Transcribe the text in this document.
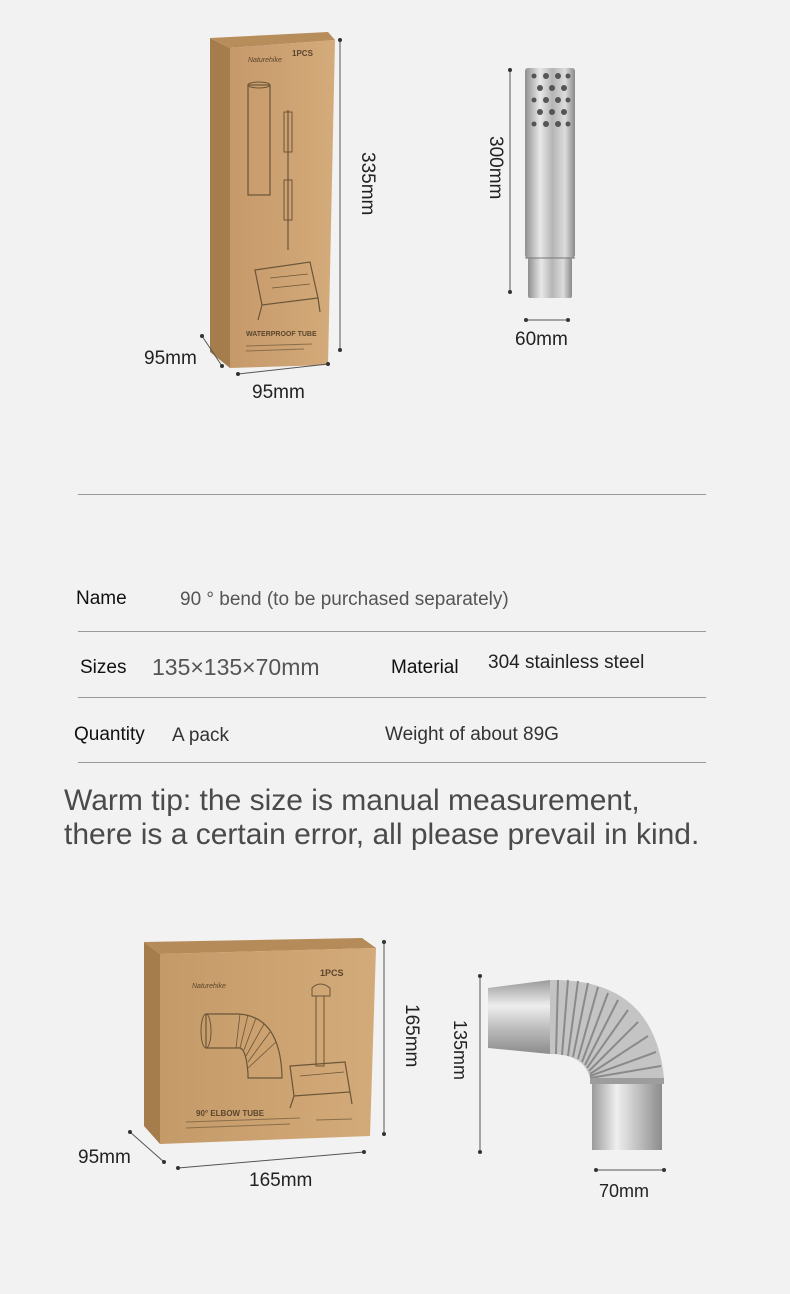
Naturehike
1PCS
WATERPROOF TUBE
335mm
95mm
95mm
300mm
60mm
Name	90 ° bend (to be purchased separately)
Sizes 135×135×70mm	Material 304 stainless steel
Quantity A pack	Weight of about 89G
Warm tip: the size is manual measurement,
there is a certain error, all please prevail in kind.
Naturehike
1PCS
90° ELBOW TUBE
165mm
95mm
165mm
135mm
70mm
